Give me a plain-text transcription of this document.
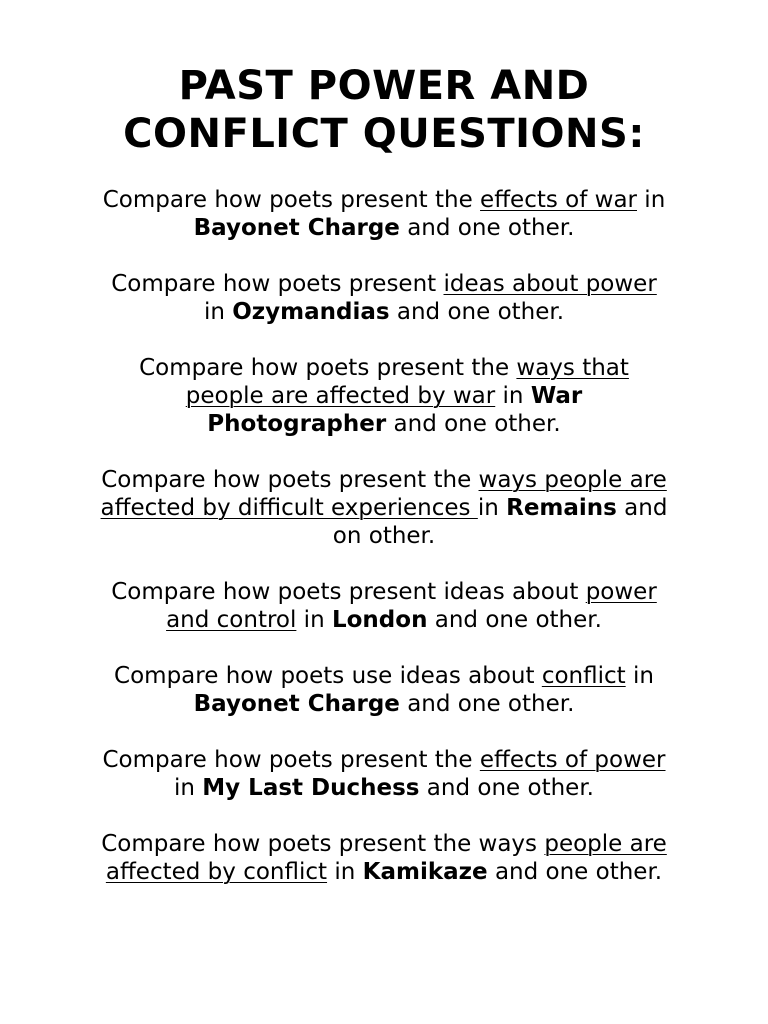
PAST POWER AND
CONFLICT QUESTIONS:

Compare how poets present the effects of war in
Bayonet Charge and one other.

Compare how poets present ideas about power
in Ozymandias and one other.

Compare how poets present the ways that
people are affected by war in War
Photographer and one other.

Compare how poets present the ways people are
affected by difficult experiences in Remains and
on other.

Compare how poets present ideas about power
and control in London and one other.

Compare how poets use ideas about conflict in
Bayonet Charge and one other.

Compare how poets present the effects of power
in My Last Duchess and one other.

Compare how poets present the ways people are
affected by conflict in Kamikaze and one other.
